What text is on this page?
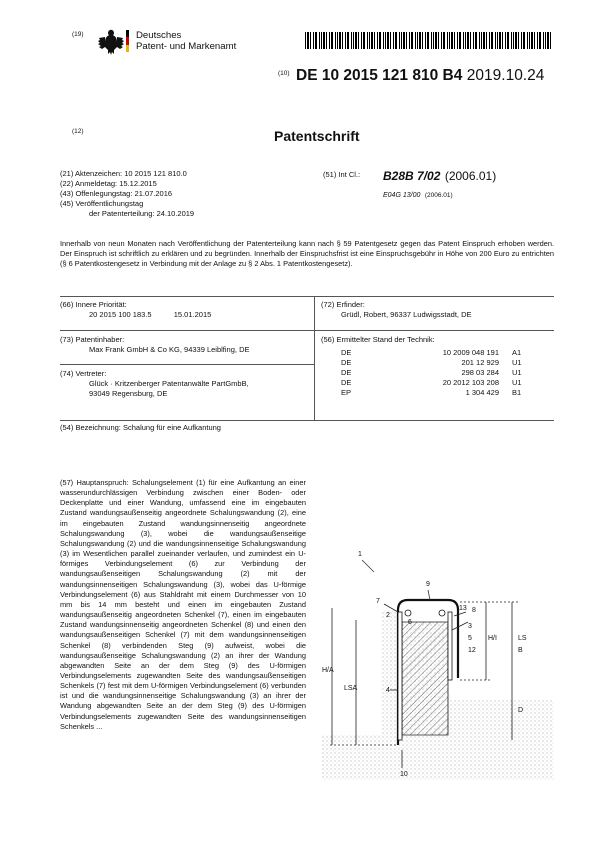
(19)	Deutsches
Patent- und Markenamt
(10) DE 10 2015 121 810 B4 2019.10.24
(12)	Patentschrift
(21) Aktenzeichen: 10 2015 121 810.0
(22) Anmeldetag: 15.12.2015
(43) Offenlegungstag: 21.07.2016
(45) Veröffentlichungstag
der Patenterteilung: 24.10.2019
(51) Int Cl.: B28B 7/02 (2006.01)
E04G 13/00 (2006.01)
Innerhalb von neun Monaten nach Veröffentlichung der Patenterteilung kann nach § 59 Patentgesetz gegen das Patent Einspruch erhoben werden. Der Einspruch ist schriftlich zu erklären und zu begründen. Innerhalb der Einspruchsfrist ist eine Einspruchsgebühr in Höhe von 200 Euro zu entrichten (§ 6 Patentkostengesetz in Verbindung mit der Anlage zu § 2 Abs. 1 Patentkostengesetz).
(66) Innere Priorität:
20 2015 100 183.5	15.01.2015
(73) Patentinhaber:
Max Frank GmbH & Co KG, 94339 Leiblfing, DE
(74) Vertreter:
Glück · Kritzenberger Patentanwälte PartGmbB,
93049 Regensburg, DE
(72) Erfinder:
Grüdl, Robert, 96337 Ludwigsstadt, DE
(56) Ermittelter Stand der Technik:
DE	10 2009 048 191	A1
DE	201 12 929	U1
DE	298 03 284	U1
DE	20 2012 103 208	U1
EP	1 304 429	B1
(54) Bezeichnung: Schalung für eine Aufkantung
(57) Hauptanspruch: Schalungselement (1) für eine Aufkantung an einer wasserundurchlässigen Verbindung zwischen einer Boden- oder Deckenplatte und einer Wandung, umfassend eine im eingebauten Zustand wandungsaußenseitig angeordnete Schalungswandung (2), eine im eingebauten Zustand wandungsinnenseitig angeordnete Schalungswandung (3), wobei die wandungsaußenseitige Schalungswandung (2) und die wandungsinnenseitige Schalungswandung (3) im Wesentlichen parallel zueinander verlaufen, und zumindest ein U-förmiges Verbindungselement (6) zur Verbindung der wandungsaußenseitigen Schalungswandung (2) mit der wandungsinnenseitigen Schalungswandung (3), wobei das U-förmige Verbindungselement (6) aus Stahldraht mit einem Durchmesser von 10 mm bis 14 mm besteht und einen im eingebauten Zustand wandungsaußenseitig angeordneten Schenkel (7), einen im eingebauten Zustand wandungsinnenseitig angeordneten Schenkel (8) und einen den wandungsaußenseitigen Schenkel (7) mit dem wandungsinnenseitigen Schenkel (8) verbindenden Steg (9) aufweist, wobei die wandungsaußenseitige Schalungswandung (2) an ihrer der Wandung abgewandten Seite an der dem Steg (9) des U-förmigen Verbindungselements zugewandten Seite des wandungsaußenseitigen Schenkels (7) fest mit dem U-förmigen Verbindungselement (6) verbunden ist und die wandungsinnenseitige Schalungswandung (3) an ihrer der Wandung abgewandten Seite an der dem Steg (9) des U-förmigen Verbindungselements zugewandten Seite des wandungsinnenseitigen Schenkels ...
1
9
7
2
6
13 8
3
5
12
4
10
H/A
H/I
B
LSA
LS
D
